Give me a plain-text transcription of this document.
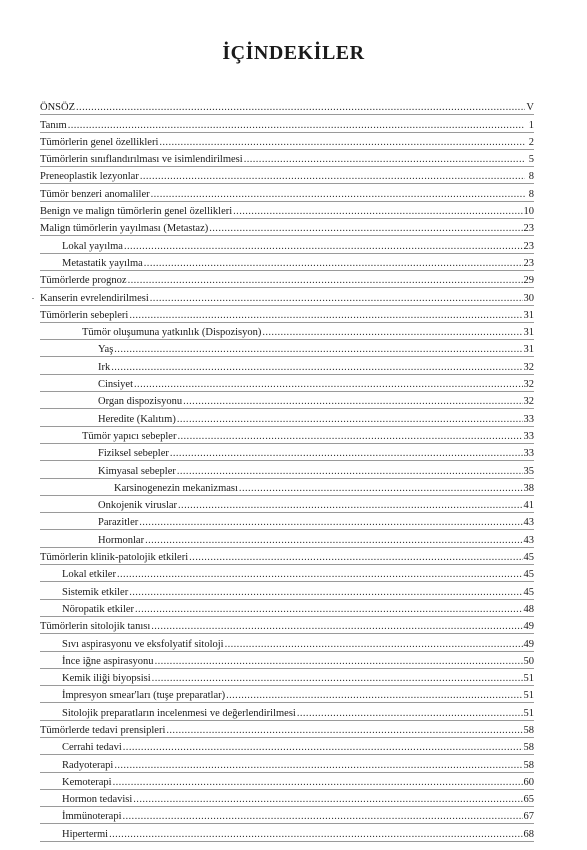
İÇİNDEKİLER
ÖNSÖZ .....	V
Tanım .....	1
Tümörlerin genel özellikleri .....	2
Tümörlerin sınıflandırılması ve isimlendirilmesi .....	5
Preneoplastik lezyonlar .....	8
Tümör benzeri anomaliler .....	8
Benign ve malign tümörlerin genel özellikleri .....	10
Malign tümörlerin yayılması (Metastaz) .....	23
Lokal yayılma .....	23
Metastatik yayılma .....	23
Tümörlerde prognoz .....	29
Kanserin evrelendirilmesi .....	30
Tümörlerin sebepleri .....	31
Tümör oluşumuna yatkınlık (Dispozisyon) .....	31
Yaş .....	31
Irk .....	32
Cinsiyet .....	32
Organ dispozisyonu .....	32
Heredite (Kalıtım) .....	33
Tümör yapıcı sebepler .....	33
Fiziksel sebepler .....	33
Kimyasal sebepler .....	35
Karsinogenezin mekanizması .....	38
Onkojenik viruslar .....	41
Parazitler .....	43
Hormonlar .....	43
Tümörlerin klinik-patolojik etkileri .....	45
Lokal etkiler .....	45
Sistemik etkiler .....	45
Nöropatik etkiler .....	48
Tümörlerin sitolojik tanısı .....	49
Sıvı aspirasyonu ve eksfolyatif sitoloji .....	49
İnce iğne aspirasyonu .....	50
Kemik iliği biyopsisi .....	51
İmpresyon smear'ları (tuşe preparatlar) .....	51
Sitolojik preparatların incelenmesi ve değerlendirilmesi .....	51
Tümörlerde tedavi prensipleri .....	58
Cerrahi tedavi .....	58
Radyoterapi .....	58
Kemoterapi .....	60
Hormon tedavisi .....	65
İmmünoterapi .....	67
Hipertermi .....	68
